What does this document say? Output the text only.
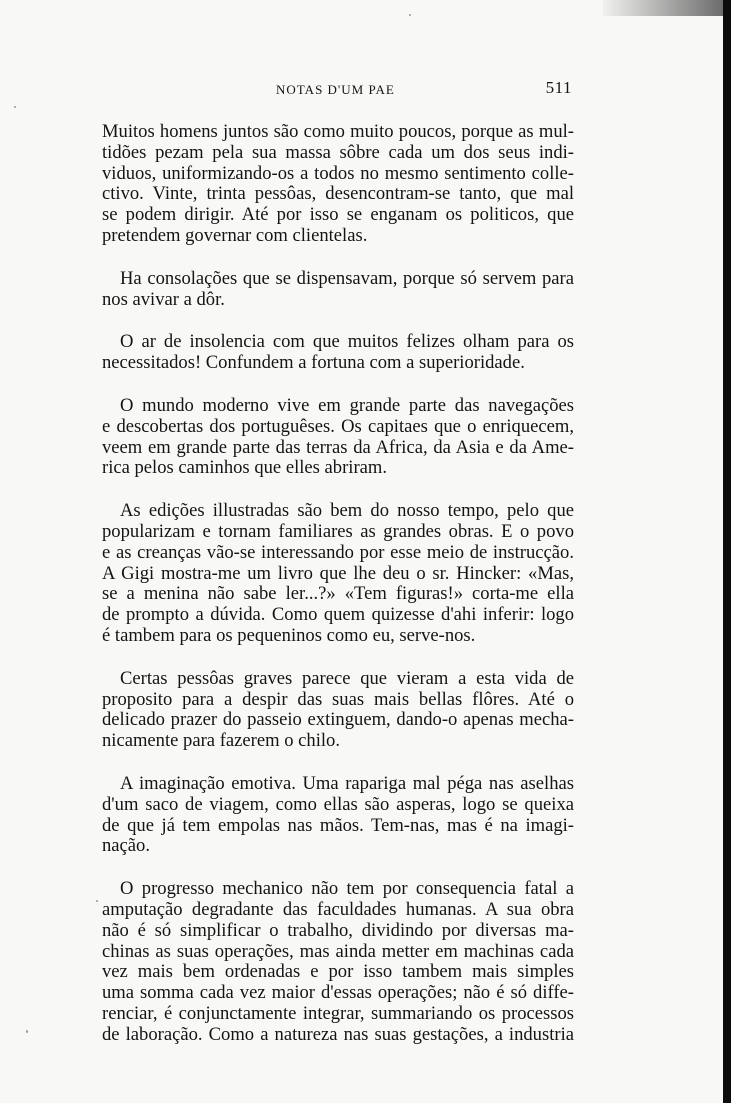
NOTAS D'UM PAE	511
Muitos homens juntos são como muito poucos, porque as mul-
tidões pezam pela sua massa sôbre cada um dos seus indi-
viduos, uniformizando-os a todos no mesmo sentimento colle-
ctivo. Vinte, trinta pessôas, desencontram-se tanto, que mal
se podem dirigir. Até por isso se enganam os politicos, que
pretendem governar com clientelas.
Ha consolações que se dispensavam, porque só servem para
nos avivar a dôr.
O ar de insolencia com que muitos felizes olham para os
necessitados! Confundem a fortuna com a superioridade.
O mundo moderno vive em grande parte das navegações
e descobertas dos portuguêses. Os capitaes que o enriquecem,
veem em grande parte das terras da Africa, da Asia e da Ame-
rica pelos caminhos que elles abriram.
As edições illustradas são bem do nosso tempo, pelo que
popularizam e tornam familiares as grandes obras. E o povo
e as creanças vão-se interessando por esse meio de instrucção.
A Gigi mostra-me um livro que lhe deu o sr. Hincker: «Mas,
se a menina não sabe ler...?» «Tem figuras!» corta-me ella
de prompto a dúvida. Como quem quizesse d'ahi inferir: logo
é tambem para os pequeninos como eu, serve-nos.
Certas pessôas graves parece que vieram a esta vida de
proposito para a despir das suas mais bellas flôres. Até o
delicado prazer do passeio extinguem, dando-o apenas mecha-
nicamente para fazerem o chilo.
A imaginação emotiva. Uma rapariga mal péga nas aselhas
d'um saco de viagem, como ellas são asperas, logo se queixa
de que já tem empolas nas mãos. Tem-nas, mas é na imagi-
nação.
O progresso mechanico não tem por consequencia fatal a
amputação degradante das faculdades humanas. A sua obra
não é só simplificar o trabalho, dividindo por diversas ma-
chinas as suas operações, mas ainda metter em machinas cada
vez mais bem ordenadas e por isso tambem mais simples
uma somma cada vez maior d'essas operações; não é só diffe-
renciar, é conjunctamente integrar, summariando os processos
de laboração. Como a natureza nas suas gestações, a industria
